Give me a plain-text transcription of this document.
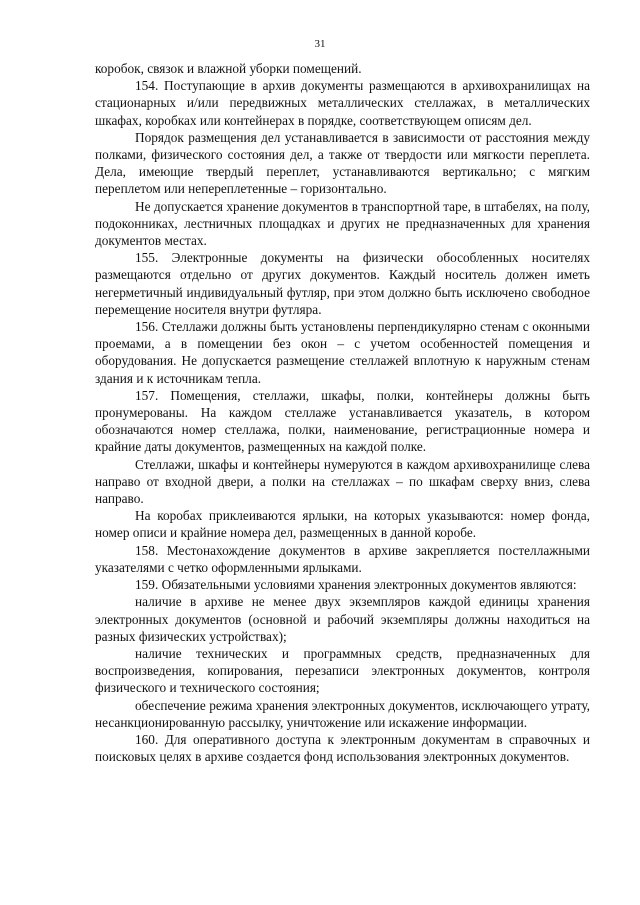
31

коробок, связок и влажной уборки помещений.

154. Поступающие в архив документы размещаются в архивохранилищах на стационарных и/или передвижных металлических стеллажах, в металлических шкафах, коробках или контейнерах в порядке, соответствующем описям дел.

Порядок размещения дел устанавливается в зависимости от расстояния между полками, физического состояния дел, а также от твердости или мягкости переплета. Дела, имеющие твердый переплет, устанавливаются вертикально; с мягким переплетом или непереплетенные – горизонтально.

Не допускается хранение документов в транспортной таре, в штабелях, на полу, подоконниках, лестничных площадках и других не предназначенных для хранения документов местах.

155. Электронные документы на физически обособленных носителях размещаются отдельно от других документов. Каждый носитель должен иметь негерметичный индивидуальный футляр, при этом должно быть исключено свободное перемещение носителя внутри футляра.

156. Стеллажи должны быть установлены перпендикулярно стенам с оконными проемами, а в помещении без окон – с учетом особенностей помещения и оборудования. Не допускается размещение стеллажей вплотную к наружным стенам здания и к источникам тепла.

157. Помещения, стеллажи, шкафы, полки, контейнеры должны быть пронумерованы. На каждом стеллаже устанавливается указатель, в котором обозначаются номер стеллажа, полки, наименование, регистрационные номера и крайние даты документов, размещенных на каждой полке.

Стеллажи, шкафы и контейнеры нумеруются в каждом архивохранилище слева направо от входной двери, а полки на стеллажах – по шкафам сверху вниз, слева направо.

На коробах приклеиваются ярлыки, на которых указываются: номер фонда, номер описи и крайние номера дел, размещенных в данной коробе.

158. Местонахождение документов в архиве закрепляется постеллажными указателями с четко оформленными ярлыками.

159. Обязательными условиями хранения электронных документов являются:

наличие в архиве не менее двух экземпляров каждой единицы хранения электронных документов (основной и рабочий экземпляры должны находиться на разных физических устройствах);

наличие технических и программных средств, предназначенных для воспроизведения, копирования, перезаписи электронных документов, контроля физического и технического состояния;

обеспечение режима хранения электронных документов, исключающего утрату, несанкционированную рассылку, уничтожение или искажение информации.

160. Для оперативного доступа к электронным документам в справочных и поисковых целях в архиве создается фонд использования электронных документов.
